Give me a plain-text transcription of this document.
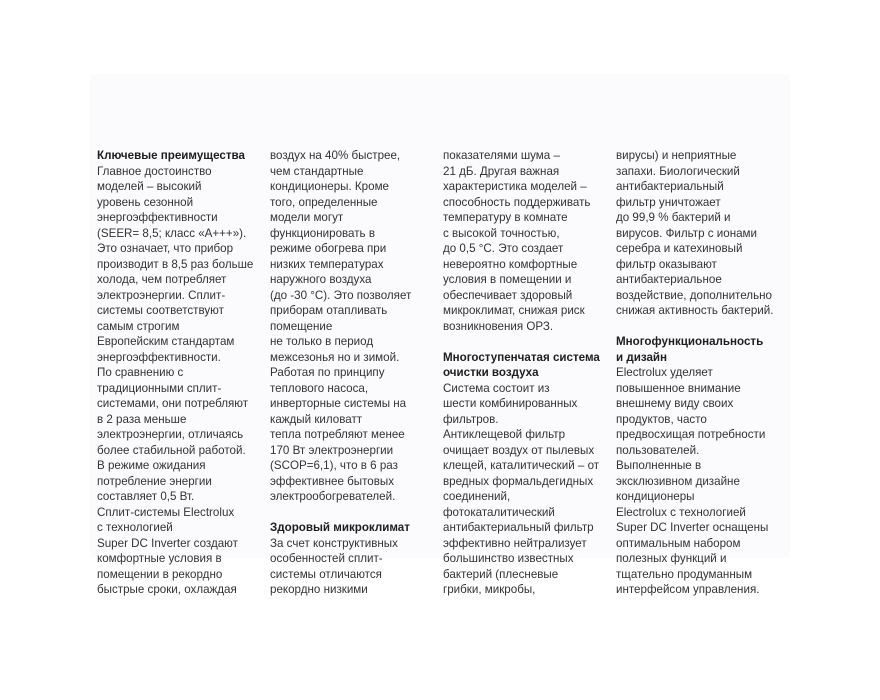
Ключевые преимущества

Главное достоинство
моделей – высокий
уровень сезонной
энергоэффективности
(SEER= 8,5; класс «А+++»).
Это означает, что прибор
производит в 8,5 раз больше
холода, чем потребляет
электроэнергии. Сплит-
системы соответствуют
самым строгим
Европейским стандартам
энергоэффективности.

По сравнению с
традиционными сплит-
системами, они потребляют
в 2 раза меньше
электроэнергии, отличаясь
более стабильной работой.

В режиме ожидания
потребление энергии
составляет 0,5 Вт.

Сплит-системы Electrolux
с технологией
Super DC Inverter создают
комфортные условия в
помещении в рекордно
быстрые сроки, охлаждая

воздух на 40% быстрее,
чем стандартные
кондиционеры. Кроме
того, определенные
модели могут
функционировать в
режиме обогрева при
низких температурах
наружного воздуха
(до -30 °С). Это позволяет
приборам отапливать
помещение
не только в период
межсезонья но и зимой.

Работая по принципу
теплового насоса,
инверторные системы на
каждый киловатт
тепла потребляют менее
170 Вт электроэнергии
(SCOP=6,1), что в 6 раз
эффективнее бытовых
электрообогревателей.

Здоровый микроклимат

За счет конструктивных
особенностей сплит-
системы отличаются
рекордно низкими

показателями шума –
21 дБ. Другая важная
характеристика моделей –
способность поддерживать
температуру в комнате
с высокой точностью,
до 0,5 °С. Это создает
невероятно комфортные
условия в помещении и
обеспечивает здоровый
микроклимат, снижая риск
возникновения ОРЗ.

Многоступенчатая система
очистки воздуха

Система состоит из
шести комбинированных
фильтров.

Антиклещевой фильтр
очищает воздух от пылевых
клещей, каталитический – от
вредных формальдегидных
соединений,
фотокаталитический
антибактериальный фильтр
эффективно нейтрализует
большинство известных
бактерий (плесневые
грибки, микробы,

вирусы) и неприятные
запахи. Биологический
антибактериальный
фильтр уничтожает
до 99,9 % бактерий и
вирусов. Фильтр с ионами
серебра и катехиновый
фильтр оказывают
антибактериальное
воздействие, дополнительно
снижая активность бактерий.

Многофункциональность
и дизайн

Electrolux уделяет
повышенное внимание
внешнему виду своих
продуктов, часто
предвосхищая потребности
пользователей.

Выполненные в
эксклюзивном дизайне
кондиционеры
Electrolux с технологией
Super DC Inverter оснащены
оптимальным набором
полезных функций и
тщательно продуманным
интерфейсом управления.
